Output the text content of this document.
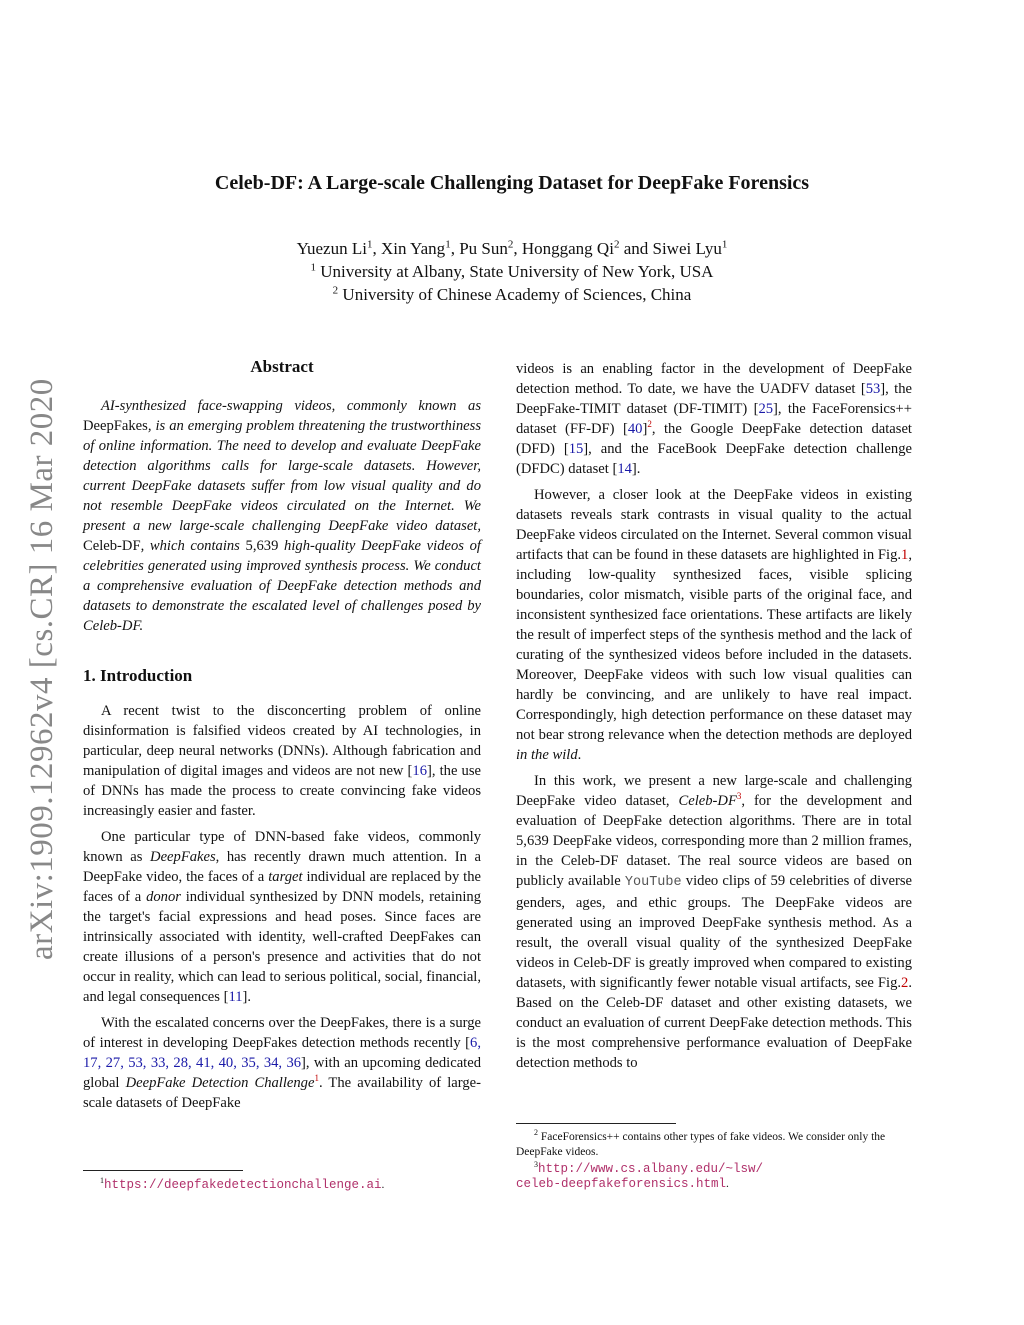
Celeb-DF: A Large-scale Challenging Dataset for DeepFake Forensics
Yuezun Li$^1$, Xin Yang$^1$, Pu Sun$^2$, Honggang Qi$^2$ and Siwei Lyu$^1$
$^1$ University at Albany, State University of New York, USA
$^2$ University of Chinese Academy of Sciences, China
arXiv:1909.12962v4 [cs.CR] 16 Mar 2020
Abstract

AI-synthesized face-swapping videos, commonly known as DeepFakes, is an emerging problem threatening the trustworthiness of online information. The need to develop and evaluate DeepFake detection algorithms calls for large-scale datasets. However, current DeepFake datasets suffer from low visual quality and do not resemble DeepFake videos circulated on the Internet. We present a new large-scale challenging DeepFake video dataset, Celeb-DF, which contains 5,639 high-quality DeepFake videos of celebrities generated using improved synthesis process. We conduct a comprehensive evaluation of DeepFake detection methods and datasets to demonstrate the escalated level of challenges posed by Celeb-DF.

1. Introduction

A recent twist to the disconcerting problem of online disinformation is falsified videos created by AI technologies, in particular, deep neural networks (DNNs). Although fabrication and manipulation of digital images and videos are not new [16], the use of DNNs has made the process to create convincing fake videos increasingly easier and faster.

One particular type of DNN-based fake videos, commonly known as DeepFakes, has recently drawn much attention. In a DeepFake video, the faces of a target individual are replaced by the faces of a donor individual synthesized by DNN models, retaining the target's facial expressions and head poses. Since faces are intrinsically associated with identity, well-crafted DeepFakes can create illusions of a person's presence and activities that do not occur in reality, which can lead to serious political, social, financial, and legal consequences [11].

With the escalated concerns over the DeepFakes, there is a surge of interest in developing DeepFakes detection methods recently [6, 17, 27, 53, 33, 28, 41, 40, 35, 34, 36], with an upcoming dedicated global DeepFake Detection Challenge$^1$. The availability of large-scale datasets of DeepFake

$^1$https://deepfakedetectionchallenge.ai.

videos is an enabling factor in the development of DeepFake detection method. To date, we have the UADFV dataset [53], the DeepFake-TIMIT dataset (DF-TIMIT) [25], the FaceForensics++ dataset (FF-DF) [40]$^2$, the Google DeepFake detection dataset (DFD) [15], and the FaceBook DeepFake detection challenge (DFDC) dataset [14].

However, a closer look at the DeepFake videos in existing datasets reveals stark contrasts in visual quality to the actual DeepFake videos circulated on the Internet. Several common visual artifacts that can be found in these datasets are highlighted in Fig.1, including low-quality synthesized faces, visible splicing boundaries, color mismatch, visible parts of the original face, and inconsistent synthesized face orientations. These artifacts are likely the result of imperfect steps of the synthesis method and the lack of curating of the synthesized videos before included in the datasets. Moreover, DeepFake videos with such low visual qualities can hardly be convincing, and are unlikely to have real impact. Correspondingly, high detection performance on these dataset may not bear strong relevance when the detection methods are deployed in the wild.

In this work, we present a new large-scale and challenging DeepFake video dataset, Celeb-DF$^3$, for the development and evaluation of DeepFake detection algorithms. There are in total 5,639 DeepFake videos, corresponding more than 2 million frames, in the Celeb-DF dataset. The real source videos are based on publicly available YouTube video clips of 59 celebrities of diverse genders, ages, and ethic groups. The DeepFake videos are generated using an improved DeepFake synthesis method. As a result, the overall visual quality of the synthesized DeepFake videos in Celeb-DF is greatly improved when compared to existing datasets, with significantly fewer notable visual artifacts, see Fig.2. Based on the Celeb-DF dataset and other existing datasets, we conduct an evaluation of current DeepFake detection methods. This is the most comprehensive performance evaluation of DeepFake detection methods to

$^2$ FaceForensics++ contains other types of fake videos. We consider only the DeepFake videos.
$^3$http://www.cs.albany.edu/~lsw/
celeb-deepfakeforensics.html.
